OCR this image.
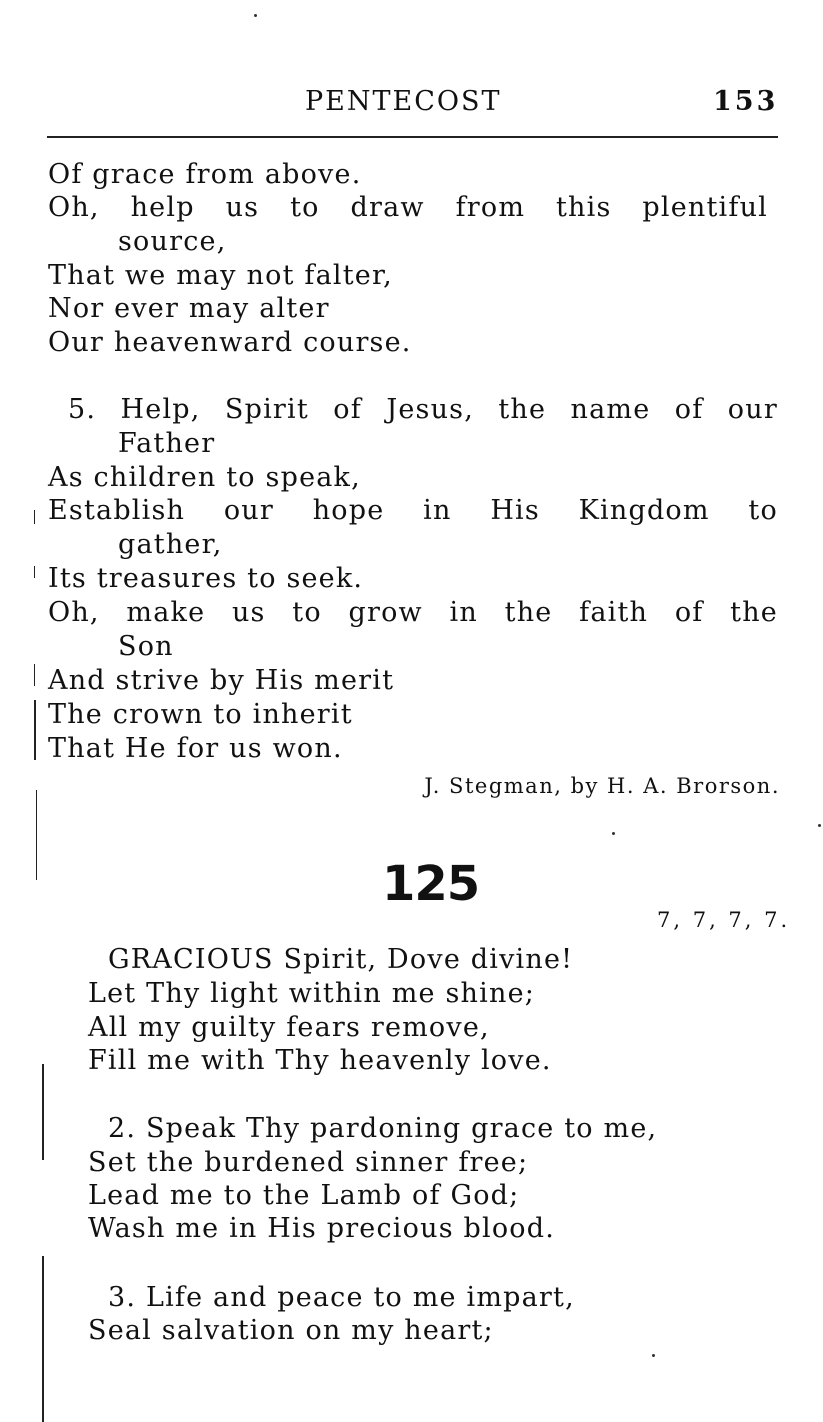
PENTECOST	153
Of grace from above.
Oh, help us to draw from this plentiful
source,
That we may not falter,
Nor ever may alter
Our heavenward course.
5. Help, Spirit of Jesus, the name of our
Father
As children to speak,
Establish our hope in His Kingdom to
gather,
Its treasures to seek.
Oh, make us to grow in the faith of the
Son
And strive by His merit
The crown to inherit
That He for us won.
J. Stegman, by H. A. Brorson.
125
7, 7, 7, 7.
GRACIOUS Spirit, Dove divine!
Let Thy light within me shine;
All my guilty fears remove,
Fill me with Thy heavenly love.
2. Speak Thy pardoning grace to me,
Set the burdened sinner free;
Lead me to the Lamb of God;
Wash me in His precious blood.
3. Life and peace to me impart,
Seal salvation on my heart;
